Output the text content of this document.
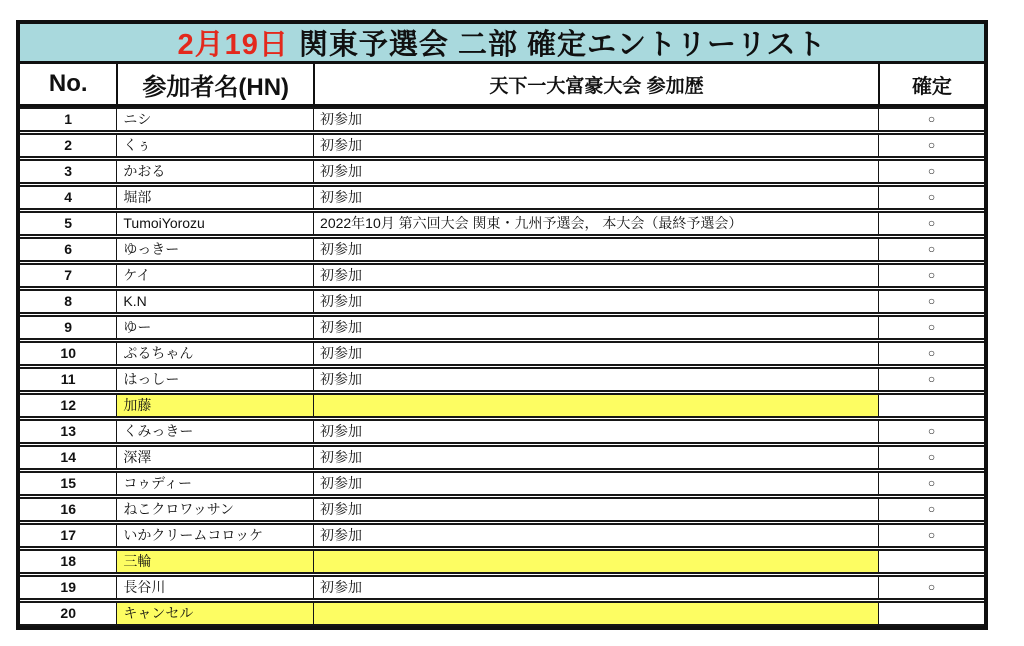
2月19日 関東予選会 二部 確定エントリーリスト
No.	参加者名(HN)	天下一大富豪大会 参加歴	確定
1	ニシ	初参加	○
2	くぅ	初参加	○
3	かおる	初参加	○
4	堀部	初参加	○
5	TumoiYorozu	2022年10月 第六回大会 関東・九州予選会， 本大会（最終予選会）	○
6	ゆっきー	初参加	○
7	ケイ	初参加	○
8	K.N	初参加	○
9	ゆー	初参加	○
10	ぷるちゃん	初参加	○
11	はっしー	初参加	○
12	加藤
13	くみっきー	初参加	○
14	深澤	初参加	○
15	コゥディー	初参加	○
16	ねこクロワッサン	初参加	○
17	いかクリームコロッケ	初参加	○
18	三輪
19	長谷川	初参加	○
20	キャンセル
